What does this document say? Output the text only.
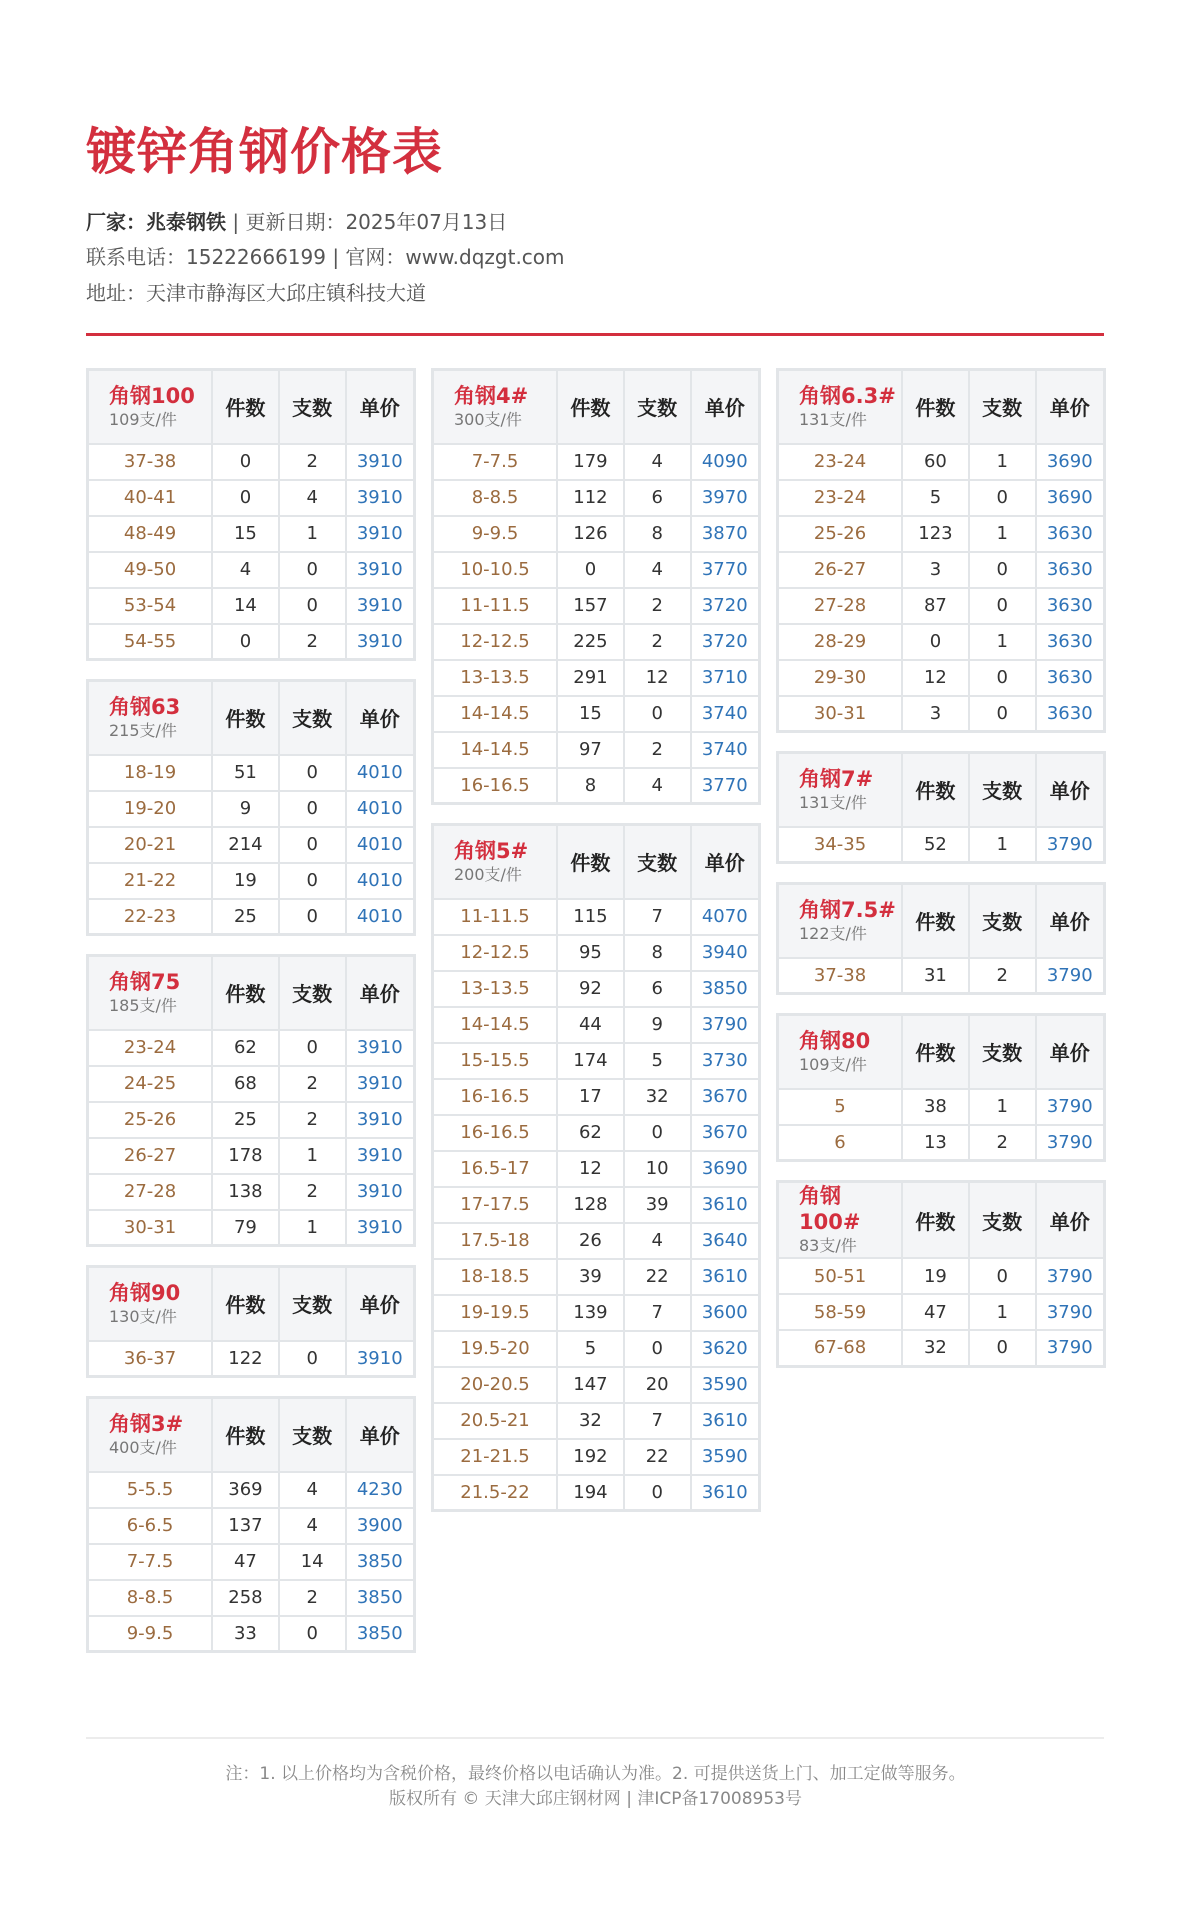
镀锌角钢价格表
厂家：兆泰钢铁 | 更新日期：2025年07月13日
联系电话：15222666199 | 官网：www.dqzgt.com
地址：天津市静海区大邱庄镇科技大道
角钢100
109支/件	件数	支数	单价
37-38	0	2	3910
40-41	0	4	3910
48-49	15	1	3910
49-50	4	0	3910
53-54	14	0	3910
54-55	0	2	3910
角钢63
215支/件	件数	支数	单价
18-19	51	0	4010
19-20	9	0	4010
20-21	214	0	4010
21-22	19	0	4010
22-23	25	0	4010
角钢75
185支/件	件数	支数	单价
23-24	62	0	3910
24-25	68	2	3910
25-26	25	2	3910
26-27	178	1	3910
27-28	138	2	3910
30-31	79	1	3910
角钢90
130支/件	件数	支数	单价
36-37	122	0	3910
角钢3#
400支/件	件数	支数	单价
5-5.5	369	4	4230
6-6.5	137	4	3900
7-7.5	47	14	3850
8-8.5	258	2	3850
9-9.5	33	0	3850
角钢4#
300支/件	件数	支数	单价
7-7.5	179	4	4090
8-8.5	112	6	3970
9-9.5	126	8	3870
10-10.5	0	4	3770
11-11.5	157	2	3720
12-12.5	225	2	3720
13-13.5	291	12	3710
14-14.5	15	0	3740
14-14.5	97	2	3740
16-16.5	8	4	3770
角钢5#
200支/件	件数	支数	单价
11-11.5	115	7	4070
12-12.5	95	8	3940
13-13.5	92	6	3850
14-14.5	44	9	3790
15-15.5	174	5	3730
16-16.5	17	32	3670
16-16.5	62	0	3670
16.5-17	12	10	3690
17-17.5	128	39	3610
17.5-18	26	4	3640
18-18.5	39	22	3610
19-19.5	139	7	3600
19.5-20	5	0	3620
20-20.5	147	20	3590
20.5-21	32	7	3610
21-21.5	192	22	3590
21.5-22	194	0	3610
角钢6.3#
131支/件	件数	支数	单价
23-24	60	1	3690
23-24	5	0	3690
25-26	123	1	3630
26-27	3	0	3630
27-28	87	0	3630
28-29	0	1	3630
29-30	12	0	3630
30-31	3	0	3630
角钢7#
131支/件	件数	支数	单价
34-35	52	1	3790
角钢7.5#
122支/件	件数	支数	单价
37-38	31	2	3790
角钢80
109支/件	件数	支数	单价
5	38	1	3790
6	13	2	3790
角钢100#
83支/件	件数	支数	单价
50-51	19	0	3790
58-59	47	1	3790
67-68	32	0	3790
注：1. 以上价格均为含税价格，最终价格以电话确认为准。2. 可提供送货上门、加工定做等服务。
版权所有 © 天津大邱庄钢材网 | 津ICP备17008953号
